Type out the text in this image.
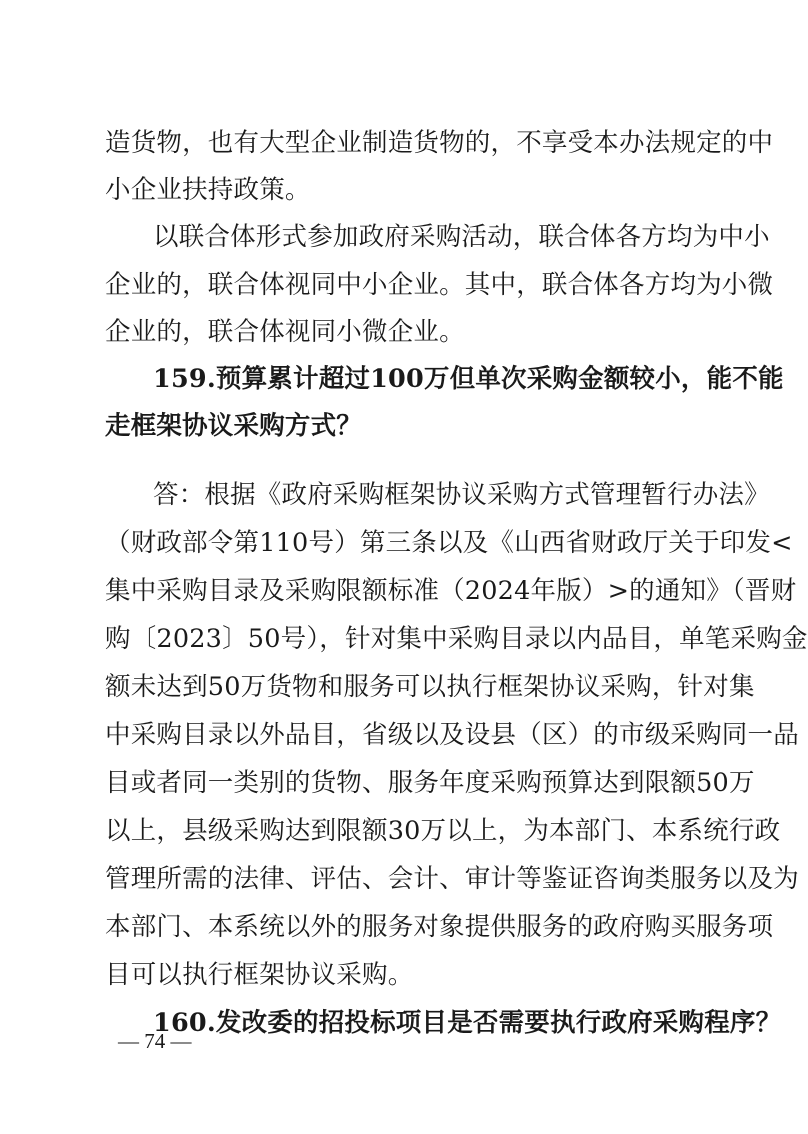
造货物，也有大型企业制造货物的，不享受本办法规定的中
小企业扶持政策。
以联合体形式参加政府采购活动，联合体各方均为中小
企业的，联合体视同中小企业。其中，联合体各方均为小微
企业的，联合体视同小微企业。
159.预算累计超过100万但单次采购金额较小，能不能
走框架协议采购方式？
答：根据《政府采购框架协议采购方式管理暂行办法》
（财政部令第110号）第三条以及《山西省财政厅关于印发<
集中采购目录及采购限额标准（2024年版）>的通知》（晋财
购〔2023〕50号），针对集中采购目录以内品目，单笔采购金
额未达到50万货物和服务可以执行框架协议采购，针对集
中采购目录以外品目，省级以及设县（区）的市级采购同一品
目或者同一类别的货物、服务年度采购预算达到限额50万
以上，县级采购达到限额30万以上，为本部门、本系统行政
管理所需的法律、评估、会计、审计等鉴证咨询类服务以及为
本部门、本系统以外的服务对象提供服务的政府购买服务项
目可以执行框架协议采购。
160.发改委的招投标项目是否需要执行政府采购程序？
— 74 —
